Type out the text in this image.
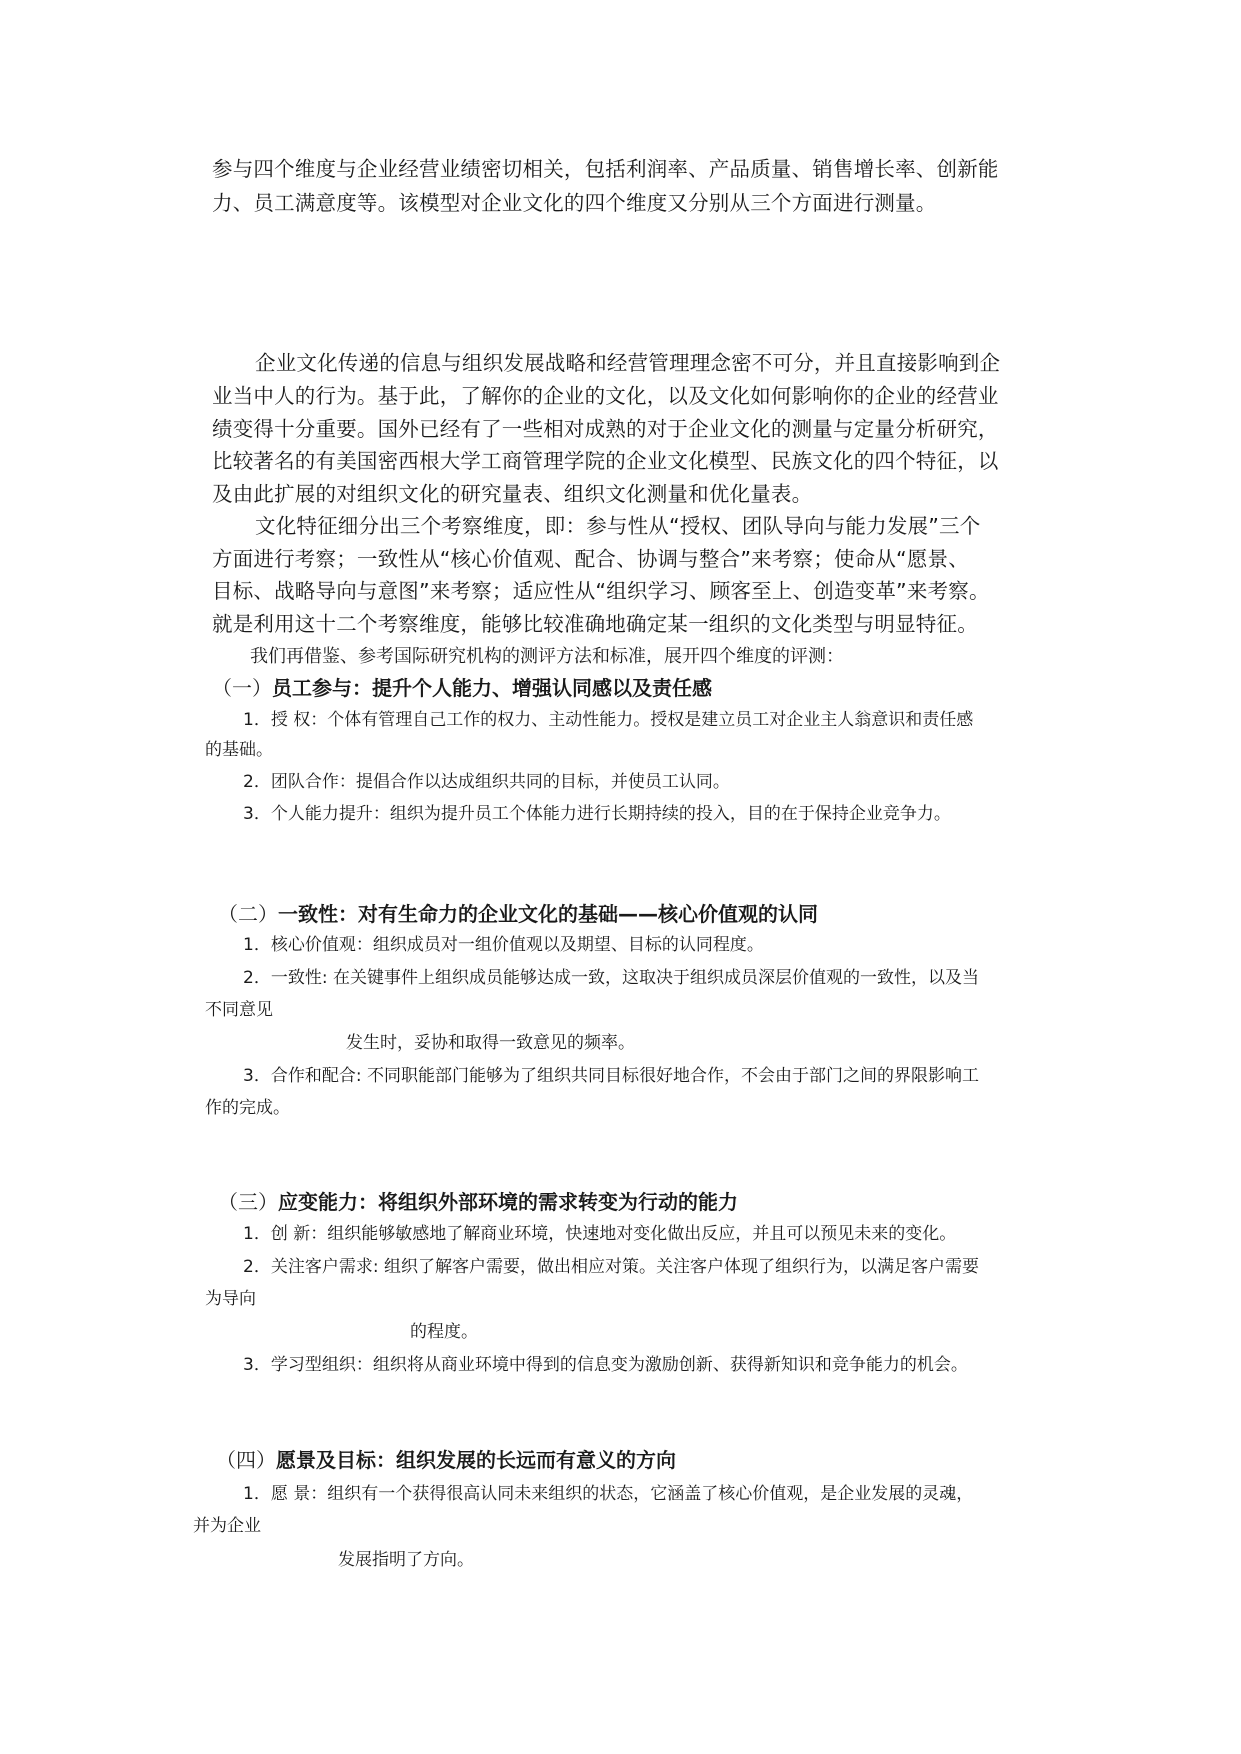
参与四个维度与企业经营业绩密切相关，包括利润率、产品质量、销售增长率、创新能
力、员工满意度等。该模型对企业文化的四个维度又分别从三个方面进行测量。
企业文化传递的信息与组织发展战略和经营管理理念密不可分，并且直接影响到企
业当中人的行为。基于此，了解你的企业的文化，以及文化如何影响你的企业的经营业
绩变得十分重要。国外已经有了一些相对成熟的对于企业文化的测量与定量分析研究，
比较著名的有美国密西根大学工商管理学院的企业文化模型、民族文化的四个特征，以
及由此扩展的对组织文化的研究量表、组织文化测量和优化量表。
文化特征细分出三个考察维度，即：参与性从“授权、团队导向与能力发展”三个
方面进行考察；一致性从“核心价值观、配合、协调与整合”来考察；使命从“愿景、
目标、战略导向与意图”来考察；适应性从“组织学习、顾客至上、创造变革”来考察。
就是利用这十二个考察维度，能够比较准确地确定某一组织的文化类型与明显特征。
我们再借鉴、参考国际研究机构的测评方法和标准，展开四个维度的评测：
（一）员工参与：提升个人能力、增强认同感以及责任感
1．授 权：个体有管理自己工作的权力、主动性能力。授权是建立员工对企业主人翁意识和责任感
的基础。
2．团队合作：提倡合作以达成组织共同的目标，并使员工认同。
3．个人能力提升：组织为提升员工个体能力进行长期持续的投入，目的在于保持企业竞争力。
（二）一致性：对有生命力的企业文化的基础——核心价值观的认同
1．核心价值观：组织成员对一组价值观以及期望、目标的认同程度。
2．一致性: 在关键事件上组织成员能够达成一致，这取决于组织成员深层价值观的一致性，以及当
不同意见
发生时，妥协和取得一致意见的频率。
3．合作和配合: 不同职能部门能够为了组织共同目标很好地合作，不会由于部门之间的界限影响工
作的完成。
（三）应变能力：将组织外部环境的需求转变为行动的能力
1．创 新：组织能够敏感地了解商业环境，快速地对变化做出反应，并且可以预见未来的变化。
2．关注客户需求: 组织了解客户需要，做出相应对策。关注客户体现了组织行为，以满足客户需要
为导向
的程度。
3．学习型组织：组织将从商业环境中得到的信息变为激励创新、获得新知识和竞争能力的机会。
（四）愿景及目标：组织发展的长远而有意义的方向
1．愿 景：组织有一个获得很高认同未来组织的状态，它涵盖了核心价值观，是企业发展的灵魂，
并为企业
发展指明了方向。
